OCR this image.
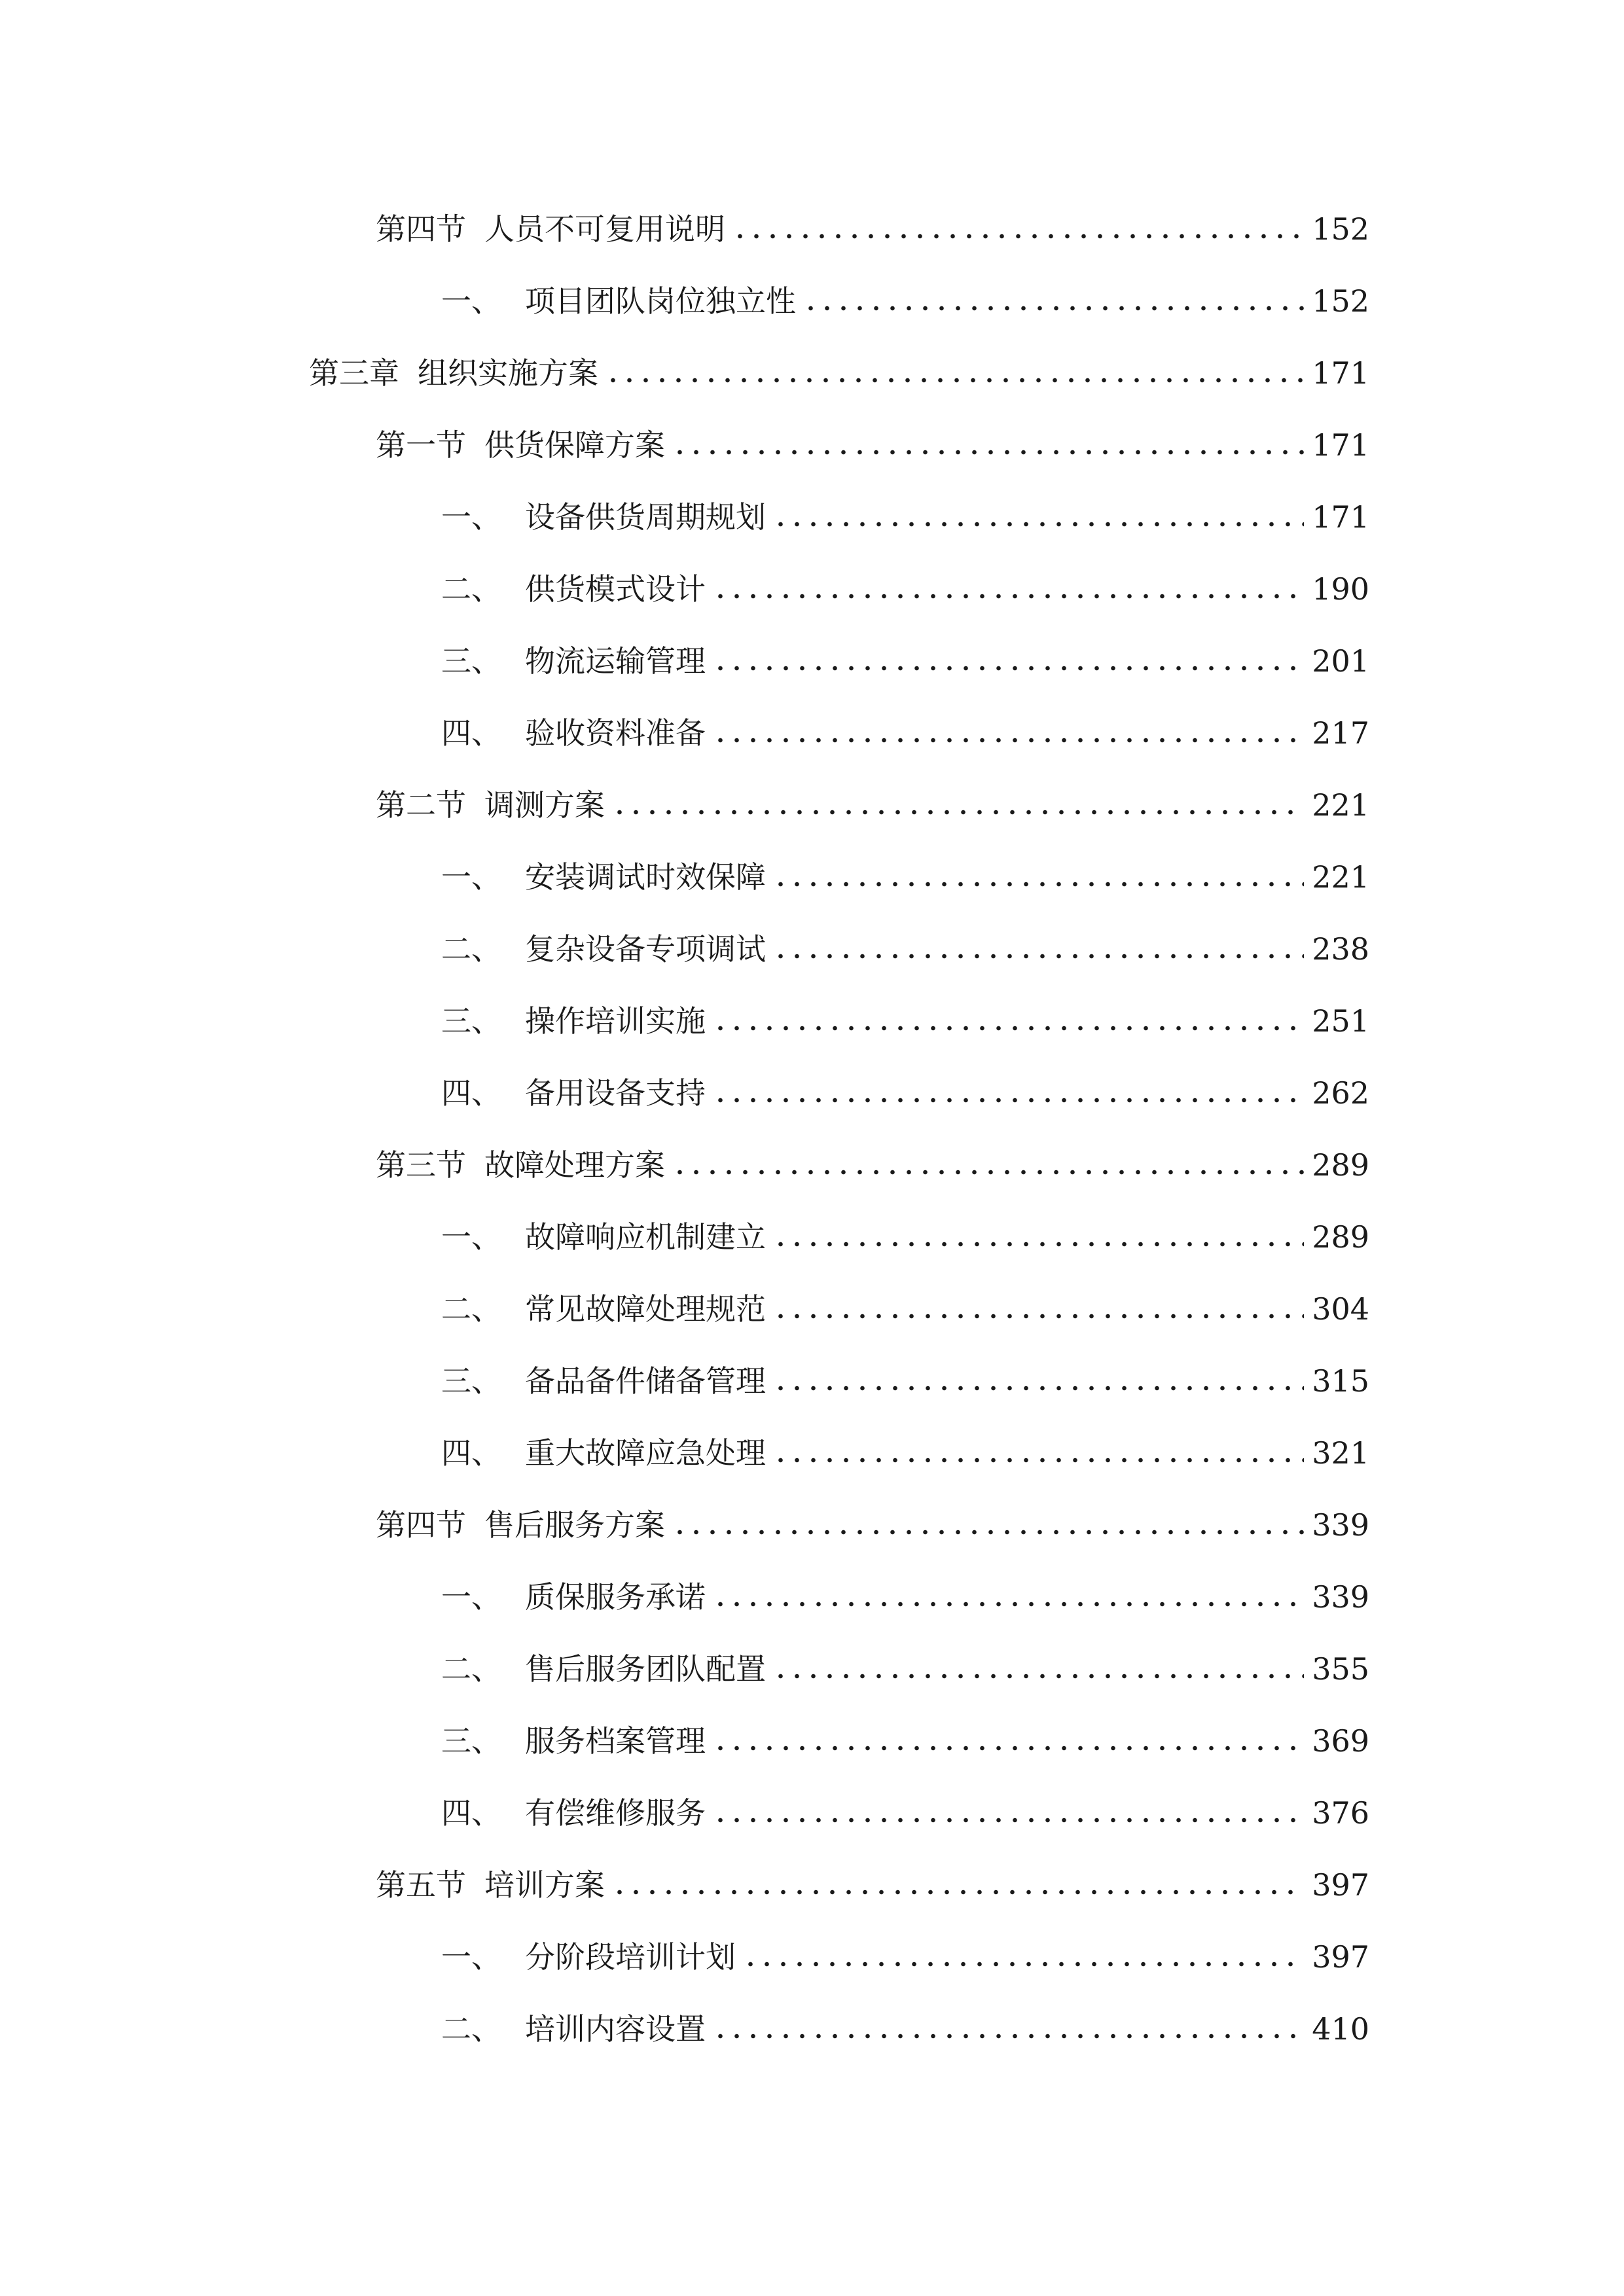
第四节 人员不可复用说明	152
一、 项目团队岗位独立性	152
第三章 组织实施方案	171
第一节 供货保障方案	171
一、 设备供货周期规划	171
二、 供货模式设计	190
三、 物流运输管理	201
四、 验收资料准备	217
第二节 调测方案	221
一、 安装调试时效保障	221
二、 复杂设备专项调试	238
三、 操作培训实施	251
四、 备用设备支持	262
第三节 故障处理方案	289
一、 故障响应机制建立	289
二、 常见故障处理规范	304
三、 备品备件储备管理	315
四、 重大故障应急处理	321
第四节 售后服务方案	339
一、 质保服务承诺	339
二、 售后服务团队配置	355
三、 服务档案管理	369
四、 有偿维修服务	376
第五节 培训方案	397
一、 分阶段培训计划	397
二、 培训内容设置	410
